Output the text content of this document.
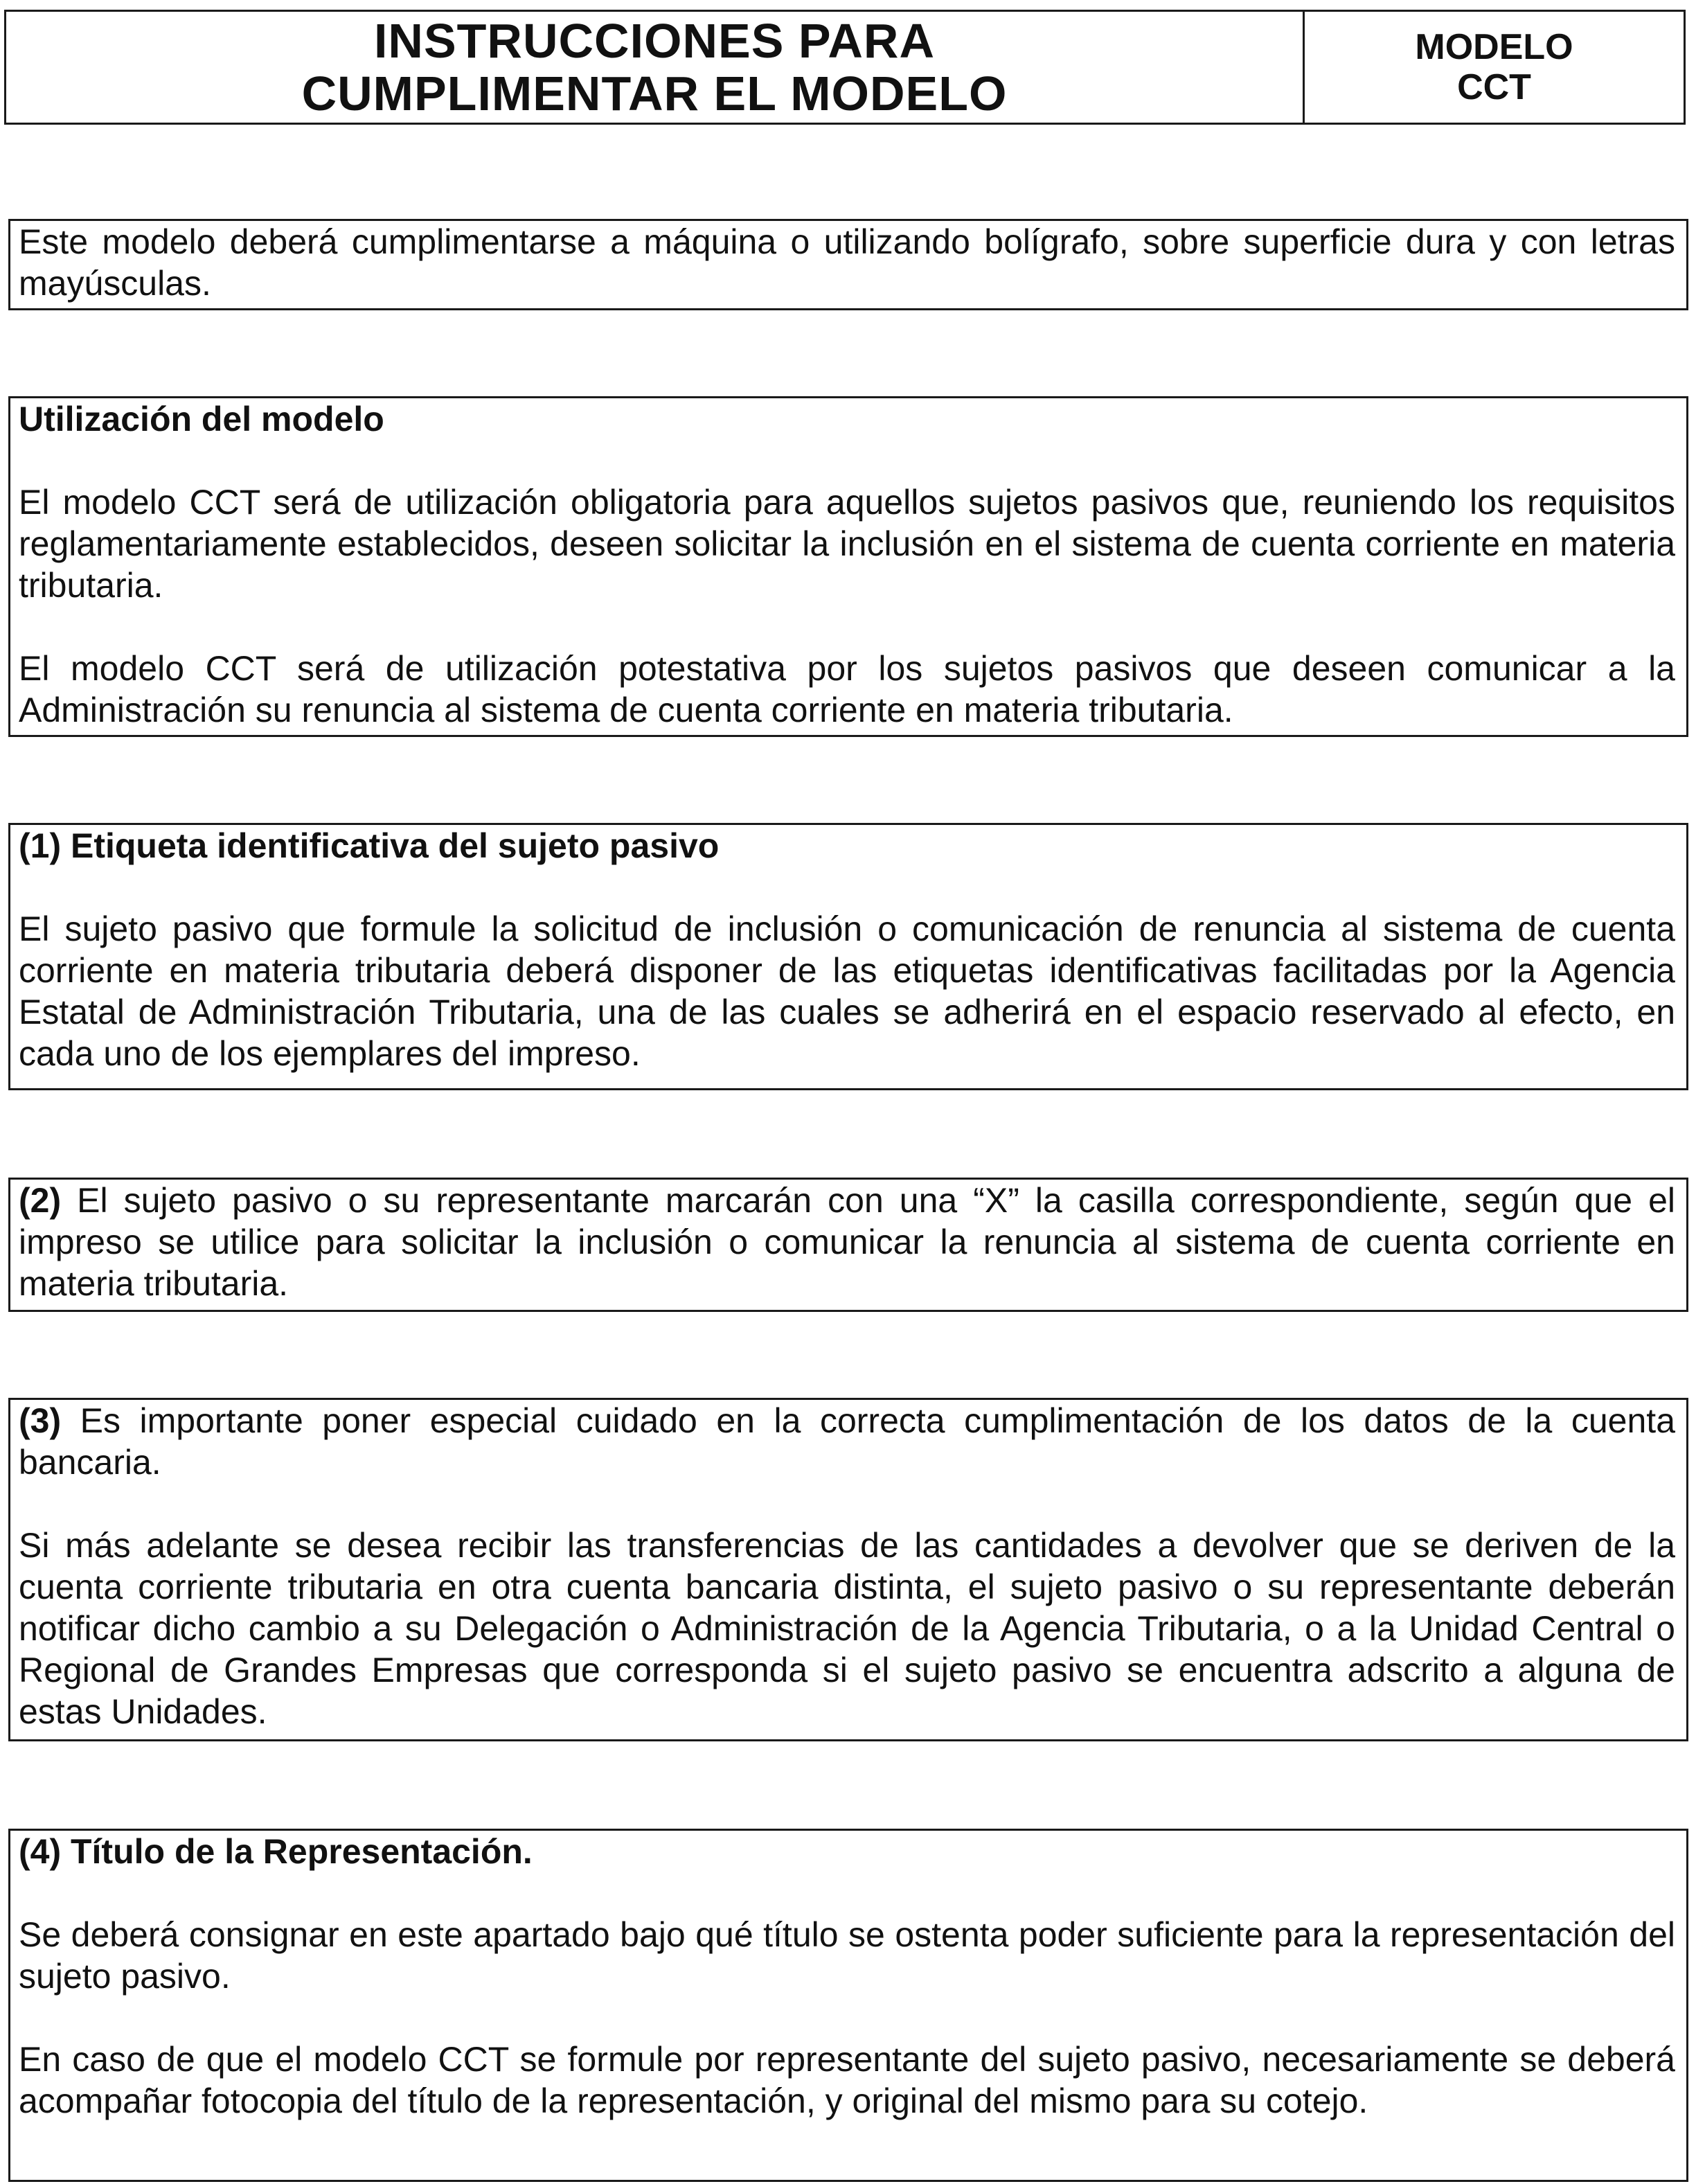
INSTRUCCIONES PARA
CUMPLIMENTAR EL MODELO
MODELO
CCT

Este modelo deberá cumplimentarse a máquina o utilizando bolígrafo, sobre superficie dura y con letras mayúsculas.

Utilización del modelo

El modelo CCT será de utilización obligatoria para aquellos sujetos pasivos que, reuniendo los requisitos reglamentariamente establecidos, deseen solicitar la inclusión en el sistema de cuenta corriente en materia tributaria.

El modelo CCT será de utilización potestativa por los sujetos pasivos que deseen comunicar a la Administración su renuncia al sistema de cuenta corriente en materia tributaria.

(1) Etiqueta identificativa del sujeto pasivo

El sujeto pasivo que formule la solicitud de inclusión o comunicación de renuncia al sistema de cuenta corriente en materia tributaria deberá disponer de las etiquetas identificativas facilitadas por la Agencia Estatal de Administración Tributaria, una de las cuales se adherirá en el espacio reservado al efecto, en cada uno de los ejemplares del impreso.

(2) El sujeto pasivo o su representante marcarán con una “X” la casilla correspondiente, según que el impreso se utilice para solicitar la inclusión o comunicar la renuncia al sistema de cuenta corriente en materia tributaria.

(3) Es importante poner especial cuidado en la correcta cumplimentación de los datos de la cuenta bancaria.

Si más adelante se desea recibir las transferencias de las cantidades a devolver que se deriven de la cuenta corriente tributaria en otra cuenta bancaria distinta, el sujeto pasivo o su representante deberán notificar dicho cambio a su Delegación o Administración de la Agencia Tributaria, o a la Unidad Central o Regional de Grandes Empresas que corresponda si el sujeto pasivo se encuentra adscrito a alguna de estas Unidades.

(4) Título de la Representación.

Se deberá consignar en este apartado bajo qué título se ostenta poder suficiente para la representación del sujeto pasivo.

En caso de que el modelo CCT se formule por representante del sujeto pasivo, necesariamente se deberá acompañar fotocopia del título de la representación, y original del mismo para su cotejo.
